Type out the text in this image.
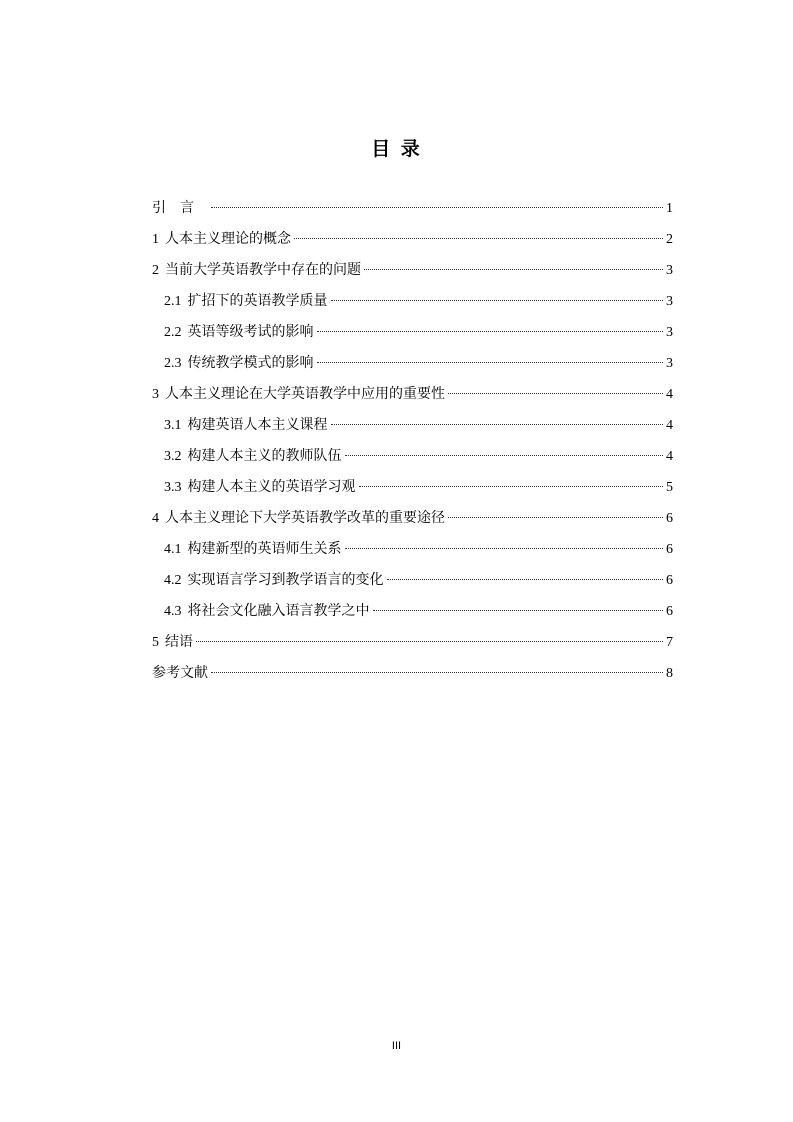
目 录
引言	1
1 人本主义理论的概念	2
2 当前大学英语教学中存在的问题	3
2.1 扩招下的英语教学质量	3
2.2 英语等级考试的影响	3
2.3 传统教学模式的影响	3
3 人本主义理论在大学英语教学中应用的重要性	4
3.1 构建英语人本主义课程	4
3.2 构建人本主义的教师队伍	4
3.3 构建人本主义的英语学习观	5
4 人本主义理论下大学英语教学改革的重要途径	6
4.1 构建新型的英语师生关系	6
4.2 实现语言学习到教学语言的变化	6
4.3 将社会文化融入语言教学之中	6
5 结语	7
参考文献	8
III
